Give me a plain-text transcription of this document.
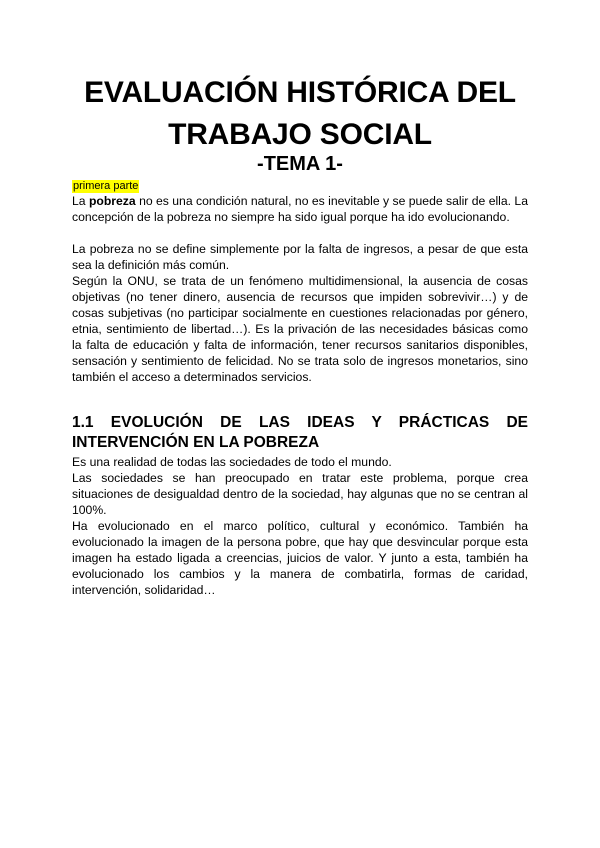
EVALUACIÓN HISTÓRICA DEL
TRABAJO SOCIAL
-TEMA 1-
primera parte
La pobreza no es una condición natural, no es inevitable y se puede salir de ella. La concepción de la pobreza no siempre ha sido igual porque ha ido evolucionando.
La pobreza no se define simplemente por la falta de ingresos, a pesar de que esta sea la definición más común.
Según la ONU, se trata de un fenómeno multidimensional, la ausencia de cosas objetivas (no tener dinero, ausencia de recursos que impiden sobrevivir…) y de cosas subjetivas (no participar socialmente en cuestiones relacionadas por género, etnia, sentimiento de libertad…). Es la privación de las necesidades básicas como la falta de educación y falta de información, tener recursos sanitarios disponibles, sensación y sentimiento de felicidad. No se trata solo de ingresos monetarios, sino también el acceso a determinados servicios.
1.1 EVOLUCIÓN DE LAS IDEAS Y PRÁCTICAS DE
INTERVENCIÓN EN LA POBREZA
Es una realidad de todas las sociedades de todo el mundo.
Las sociedades se han preocupado en tratar este problema, porque crea situaciones de desigualdad dentro de la sociedad, hay algunas que no se centran al 100%.
Ha evolucionado en el marco político, cultural y económico. También ha evolucionado la imagen de la persona pobre, que hay que desvincular porque esta imagen ha estado ligada a creencias, juicios de valor. Y junto a esta, también ha evolucionado los cambios y la manera de combatirla, formas de caridad, intervención, solidaridad…
